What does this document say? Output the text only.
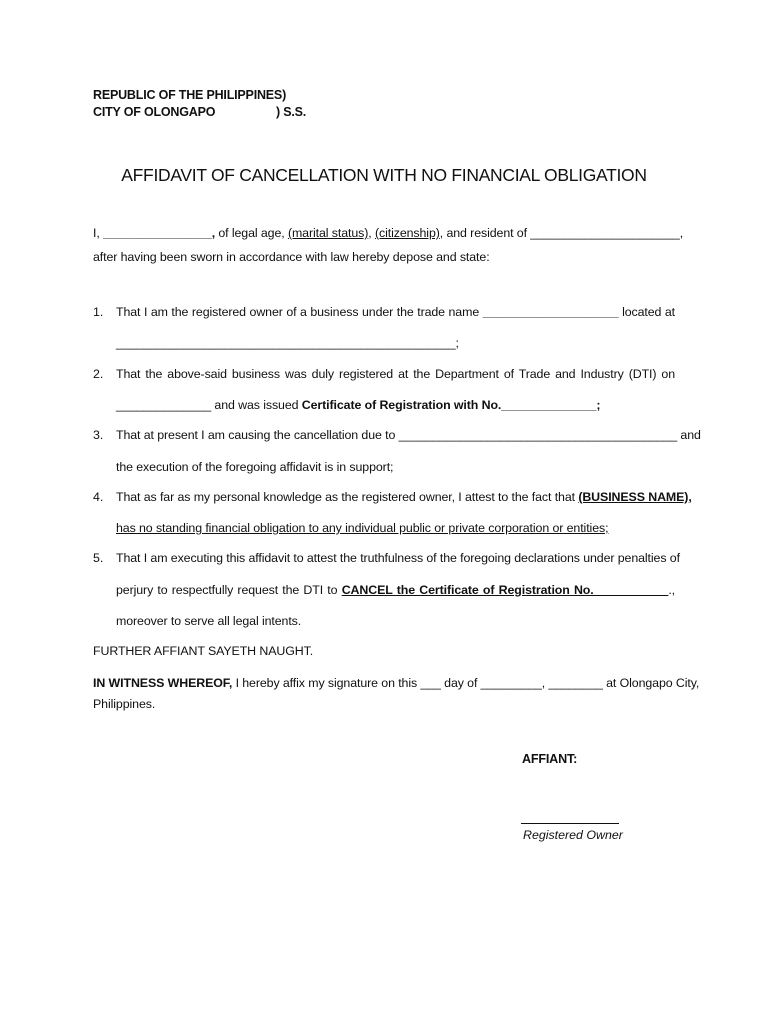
REPUBLIC OF THE PHILIPPINES)
CITY OF OLONGAPO	) S.S.
AFFIDAVIT OF CANCELLATION WITH NO FINANCIAL OBLIGATION
I, ________________, of legal age, (marital status), (citizenship), and resident of ______________________,
after having been sworn in accordance with law hereby depose and state:
1. That I am the registered owner of a business under the trade name ____________________ located at
__________________________________________________;
2. That the above-said business was duly registered at the Department of Trade and Industry (DTI) on
______________ and was issued Certificate of Registration with No.______________;
3. That at present I am causing the cancellation due to _________________________________________ and
the execution of the foregoing affidavit is in support;
4. That as far as my personal knowledge as the registered owner, I attest to the fact that (BUSINESS NAME),
has no standing financial obligation to any individual public or private corporation or entities;
5. That I am executing this affidavit to attest the truthfulness of the foregoing declarations under penalties of
perjury to respectfully request the DTI to CANCEL the Certificate of Registration No.___________.,
moreover to serve all legal intents.
FURTHER AFFIANT SAYETH NAUGHT.
IN WITNESS WHEREOF, I hereby affix my signature on this ___ day of _________, ________ at Olongapo City,
Philippines.
AFFIANT:
Registered Owner
